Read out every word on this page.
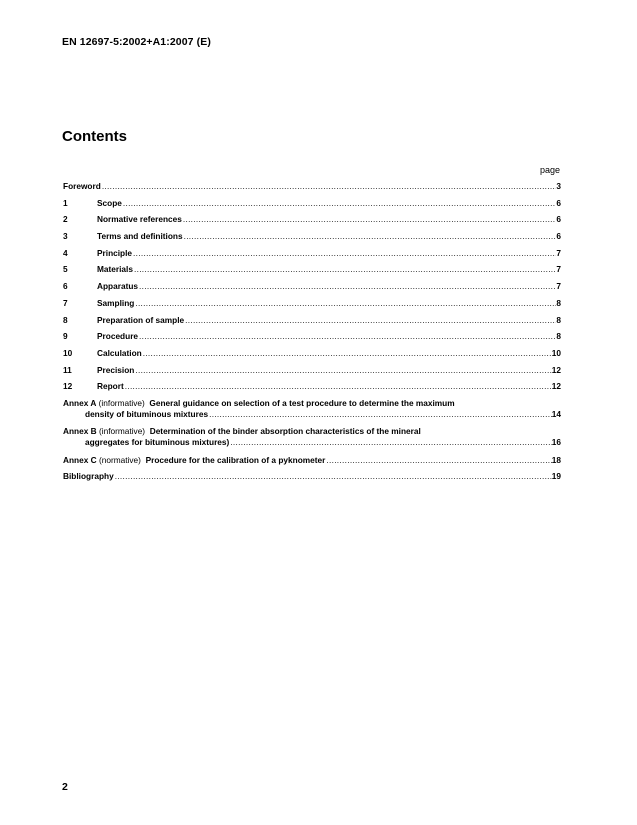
EN 12697-5:2002+A1:2007 (E)
Contents
page
Foreword .....	3
1	Scope .....	6
2	Normative references .....	6
3	Terms and definitions .....	6
4	Principle .....	7
5	Materials .....	7
6	Apparatus .....	7
7	Sampling .....	8
8	Preparation of sample .....	8
9	Procedure .....	8
10	Calculation .....	10
11	Precision .....	12
12	Report .....	12
Annex A (informative) General guidance on selection of a test procedure to determine the maximum
density of bituminous mixtures .....	14
Annex B (informative) Determination of the binder absorption characteristics of the mineral
aggregates for bituminous mixtures) .....	16
Annex C (normative) Procedure for the calibration of a pyknometer .....	18
Bibliography .....	19
2
